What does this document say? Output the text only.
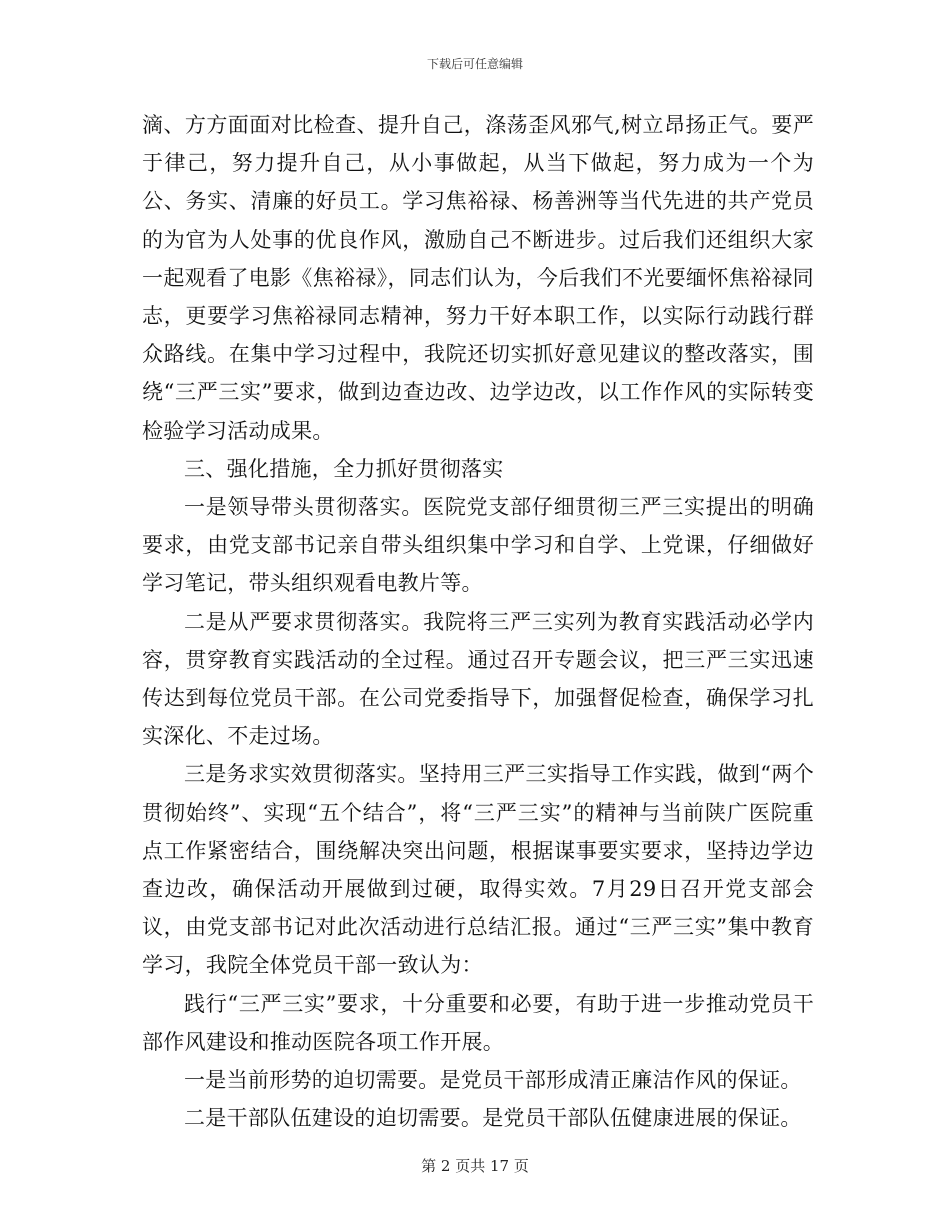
下载后可任意编辑

滴、方方面面对比检查、提升自己，涤荡歪风邪气,树立昂扬正气。要严于律己，努力提升自己，从小事做起，从当下做起，努力成为一个为公、务实、清廉的好员工。学习焦裕禄、杨善洲等当代先进的共产党员的为官为人处事的优良作风，激励自己不断进步。过后我们还组织大家一起观看了电影《焦裕禄》，同志们认为，今后我们不光要缅怀焦裕禄同志，更要学习焦裕禄同志精神，努力干好本职工作，以实际行动践行群众路线。在集中学习过程中，我院还切实抓好意见建议的整改落实，围绕“三严三实”要求，做到边查边改、边学边改，以工作作风的实际转变检验学习活动成果。

三、强化措施，全力抓好贯彻落实

一是领导带头贯彻落实。医院党支部仔细贯彻三严三实提出的明确要求，由党支部书记亲自带头组织集中学习和自学、上党课，仔细做好学习笔记，带头组织观看电教片等。

二是从严要求贯彻落实。我院将三严三实列为教育实践活动必学内容，贯穿教育实践活动的全过程。通过召开专题会议，把三严三实迅速传达到每位党员干部。在公司党委指导下，加强督促检查，确保学习扎实深化、不走过场。

三是务求实效贯彻落实。坚持用三严三实指导工作实践，做到“两个贯彻始终”、实现“五个结合”，将“三严三实”的精神与当前陕广医院重点工作紧密结合，围绕解决突出问题，根据谋事要实要求，坚持边学边查边改，确保活动开展做到过硬，取得实效。7月29日召开党支部会议，由党支部书记对此次活动进行总结汇报。通过“三严三实”集中教育学习，我院全体党员干部一致认为：

践行“三严三实”要求，十分重要和必要，有助于进一步推动党员干部作风建设和推动医院各项工作开展。

一是当前形势的迫切需要。是党员干部形成清正廉洁作风的保证。

二是干部队伍建设的迫切需要。是党员干部队伍健康进展的保证。

第 2 页共 17 页
